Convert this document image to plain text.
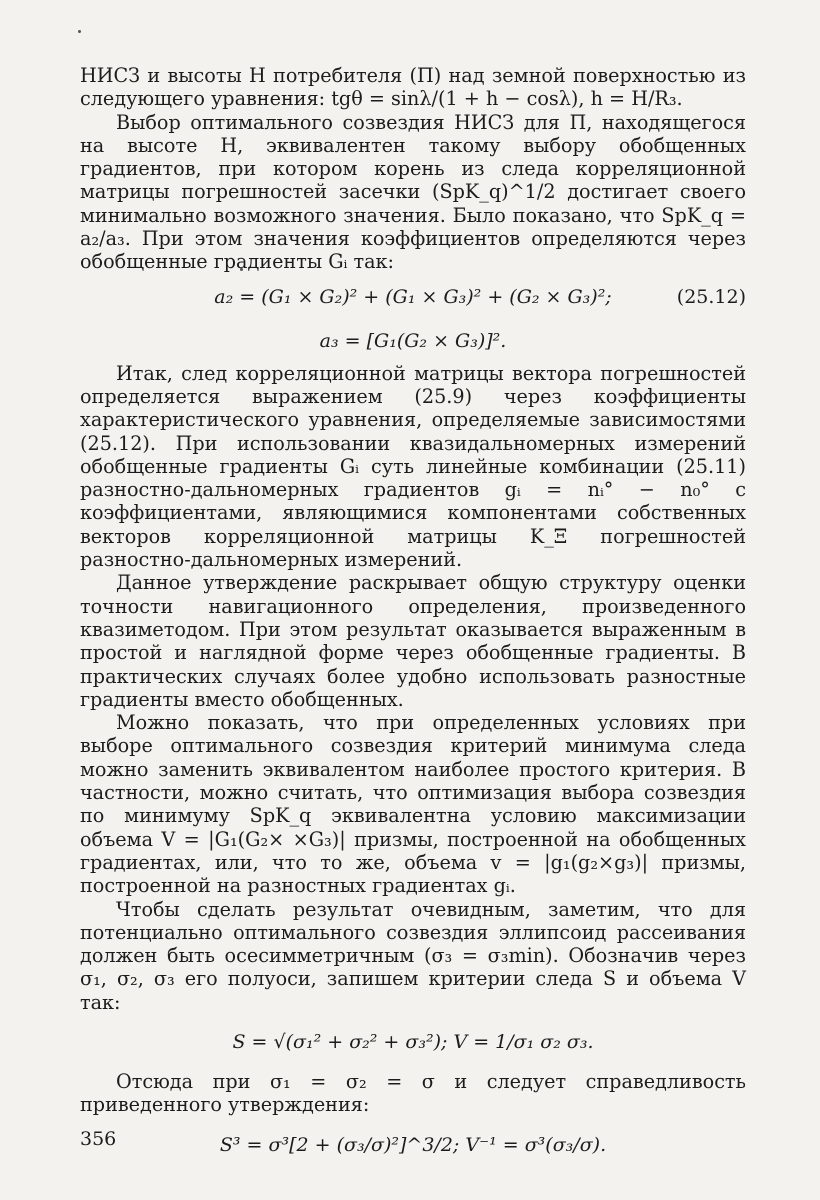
НИСЗ и высоты H потребителя (П) над земной поверхностью из следующего уравнения: tgθ = sinλ/(1 + h − cosλ), h = H/R₃.

Выбор оптимального созвездия НИСЗ для П, находящегося на высоте H, эквивалентен такому выбору обобщенных градиентов, при котором корень из следа корреляционной матрицы погрешностей засечки (SpK_q)^1/2 достигает своего минимально возможного значения. Было показано, что SpK_q = a₂/a₃. При этом значения коэффициентов определяются через обобщенные градиенты Gᵢ так:

a₂ = (G₁ × G₂)² + (G₁ × G₃)² + (G₂ × G₃)²;	(25.12)
a₃ = [G₁(G₂ × G₃)]².

Итак, след корреляционной матрицы вектора погрешностей определяется выражением (25.9) через коэффициенты характеристического уравнения, определяемые зависимостями (25.12). При использовании квазидальномерных измерений обобщенные градиенты Gᵢ суть линейные комбинации (25.11) разностно-дальномерных градиентов gᵢ = nᵢ° − n₀° с коэффициентами, являющимися компонентами собственных векторов корреляционной матрицы K_Ξ погрешностей разностно-дальномерных измерений.

Данное утверждение раскрывает общую структуру оценки точности навигационного определения, произведенного квазиметодом. При этом результат оказывается выраженным в простой и наглядной форме через обобщенные градиенты. В практических случаях более удобно использовать разностные градиенты вместо обобщенных.

Можно показать, что при определенных условиях при выборе оптимального созвездия критерий минимума следа можно заменить эквивалентом наиболее простого критерия. В частности, можно считать, что оптимизация выбора созвездия по минимуму SpK_q эквивалентна условию максимизации объема V = |G₁(G₂× ×G₃)| призмы, построенной на обобщенных градиентах, или, что то же, объема v = |g₁(g₂×g₃)| призмы, построенной на разностных градиентах gᵢ.

Чтобы сделать результат очевидным, заметим, что для потенциально оптимального созвездия эллипсоид рассеивания должен быть осесимметричным (σ₃ = σ₃min). Обозначив через σ₁, σ₂, σ₃ его полуоси, запишем критерии следа S и объема V так:

S = √(σ₁² + σ₂² + σ₃²); V = 1/σ₁ σ₂ σ₃.

Отсюда при σ₁ = σ₂ = σ и следует справедливость приведенного утверждения:

S³ = σ³[2 + (σ₃/σ)²]^3/2; V⁻¹ = σ³(σ₃/σ).
356
